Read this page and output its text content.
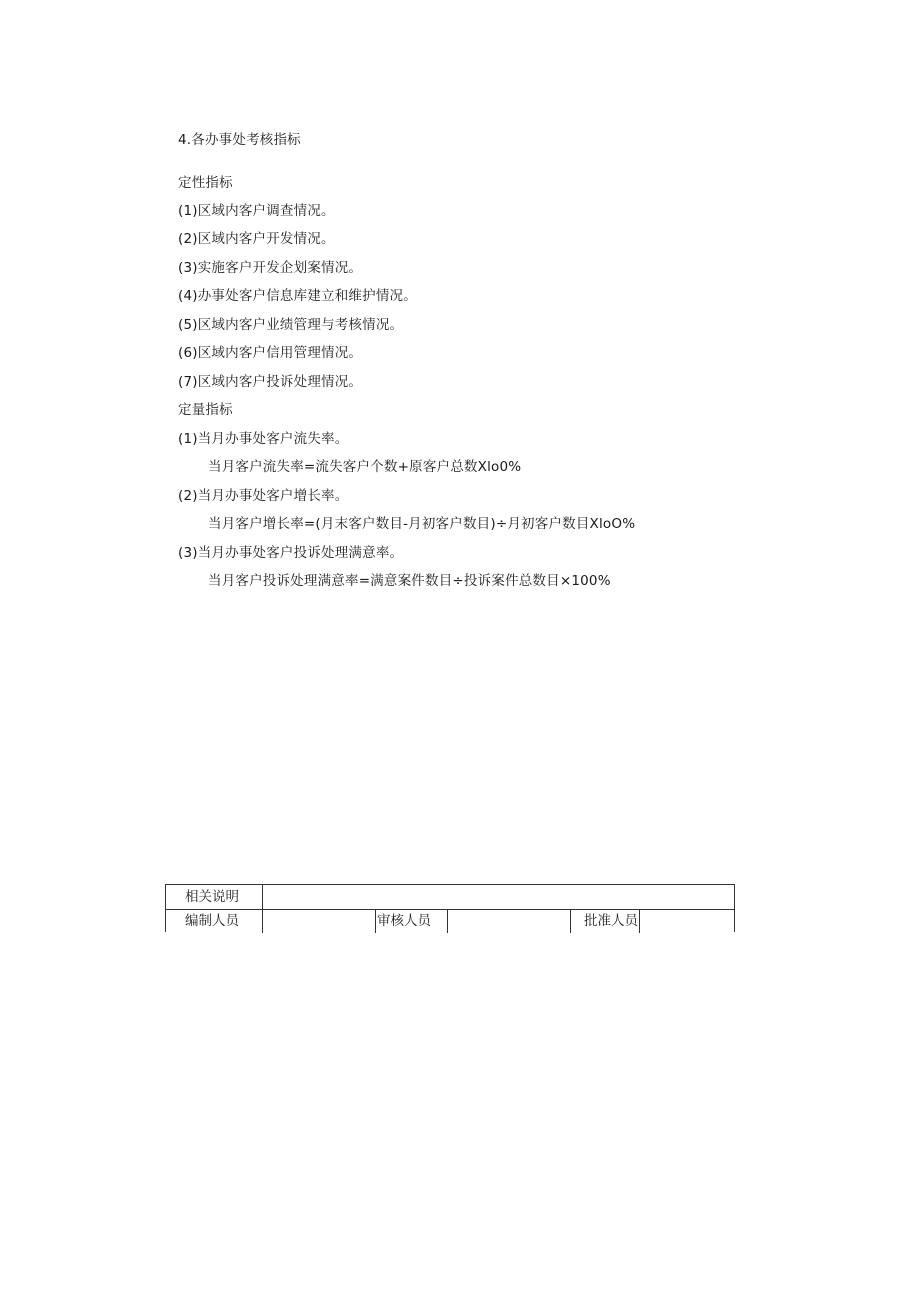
4.各办事处考核指标
定性指标
(1)区域内客户调查情况。
(2)区域内客户开发情况。
(3)实施客户开发企划案情况。
(4)办事处客户信息库建立和维护情况。
(5)区域内客户业绩管理与考核情况。
(6)区域内客户信用管理情况。
(7)区域内客户投诉处理情况。
定量指标
(1)当月办事处客户流失率。
当月客户流失率=流失客户个数+原客户总数Xlo0%
(2)当月办事处客户增长率。
当月客户增长率=(月末客户数目-月初客户数目)÷月初客户数目XloO%
(3)当月办事处客户投诉处理满意率。
当月客户投诉处理满意率=满意案件数目÷投诉案件总数目×100%
相关说明
编制人员	审核人员	批准人员
